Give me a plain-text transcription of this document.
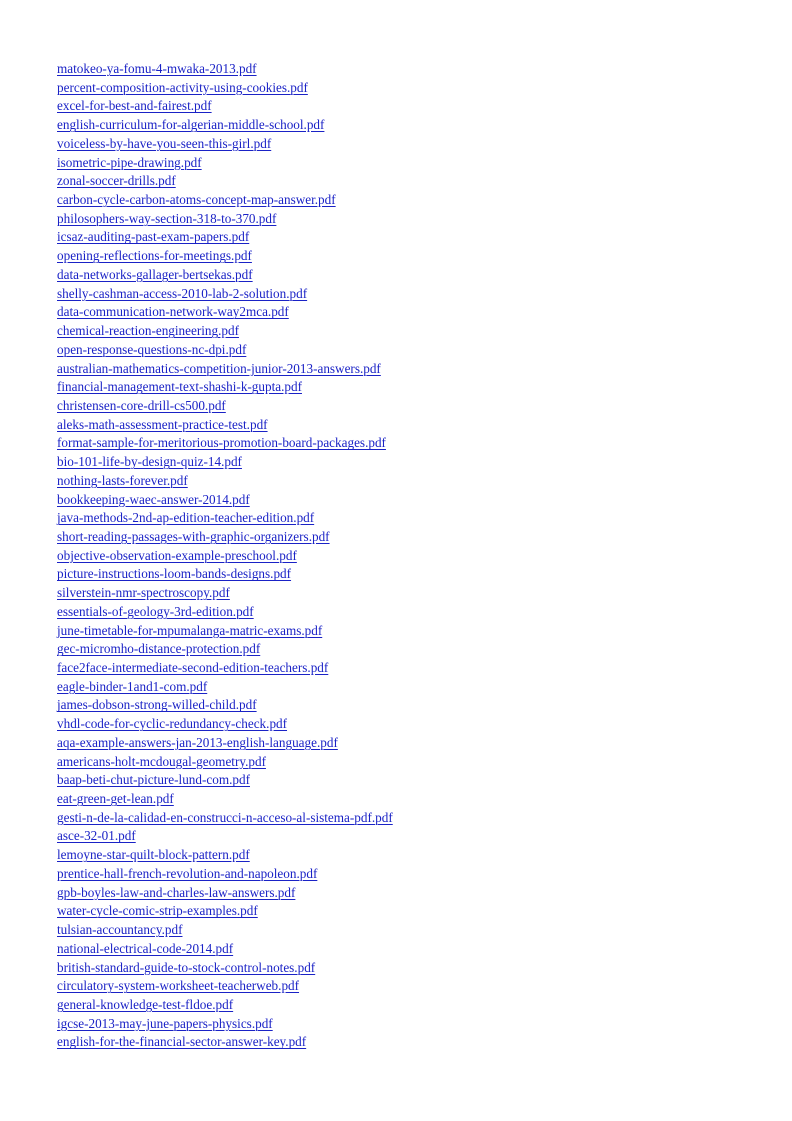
matokeo-ya-fomu-4-mwaka-2013.pdf
percent-composition-activity-using-cookies.pdf
excel-for-best-and-fairest.pdf
english-curriculum-for-algerian-middle-school.pdf
voiceless-by-have-you-seen-this-girl.pdf
isometric-pipe-drawing.pdf
zonal-soccer-drills.pdf
carbon-cycle-carbon-atoms-concept-map-answer.pdf
philosophers-way-section-318-to-370.pdf
icsaz-auditing-past-exam-papers.pdf
opening-reflections-for-meetings.pdf
data-networks-gallager-bertsekas.pdf
shelly-cashman-access-2010-lab-2-solution.pdf
data-communication-network-way2mca.pdf
chemical-reaction-engineering.pdf
open-response-questions-nc-dpi.pdf
australian-mathematics-competition-junior-2013-answers.pdf
financial-management-text-shashi-k-gupta.pdf
christensen-core-drill-cs500.pdf
aleks-math-assessment-practice-test.pdf
format-sample-for-meritorious-promotion-board-packages.pdf
bio-101-life-by-design-quiz-14.pdf
nothing-lasts-forever.pdf
bookkeeping-waec-answer-2014.pdf
java-methods-2nd-ap-edition-teacher-edition.pdf
short-reading-passages-with-graphic-organizers.pdf
objective-observation-example-preschool.pdf
picture-instructions-loom-bands-designs.pdf
silverstein-nmr-spectroscopy.pdf
essentials-of-geology-3rd-edition.pdf
june-timetable-for-mpumalanga-matric-exams.pdf
gec-micromho-distance-protection.pdf
face2face-intermediate-second-edition-teachers.pdf
eagle-binder-1and1-com.pdf
james-dobson-strong-willed-child.pdf
vhdl-code-for-cyclic-redundancy-check.pdf
aqa-example-answers-jan-2013-english-language.pdf
americans-holt-mcdougal-geometry.pdf
baap-beti-chut-picture-lund-com.pdf
eat-green-get-lean.pdf
gesti-n-de-la-calidad-en-construcci-n-acceso-al-sistema-pdf.pdf
asce-32-01.pdf
lemoyne-star-quilt-block-pattern.pdf
prentice-hall-french-revolution-and-napoleon.pdf
gpb-boyles-law-and-charles-law-answers.pdf
water-cycle-comic-strip-examples.pdf
tulsian-accountancy.pdf
national-electrical-code-2014.pdf
british-standard-guide-to-stock-control-notes.pdf
circulatory-system-worksheet-teacherweb.pdf
general-knowledge-test-fldoe.pdf
igcse-2013-may-june-papers-physics.pdf
english-for-the-financial-sector-answer-key.pdf
